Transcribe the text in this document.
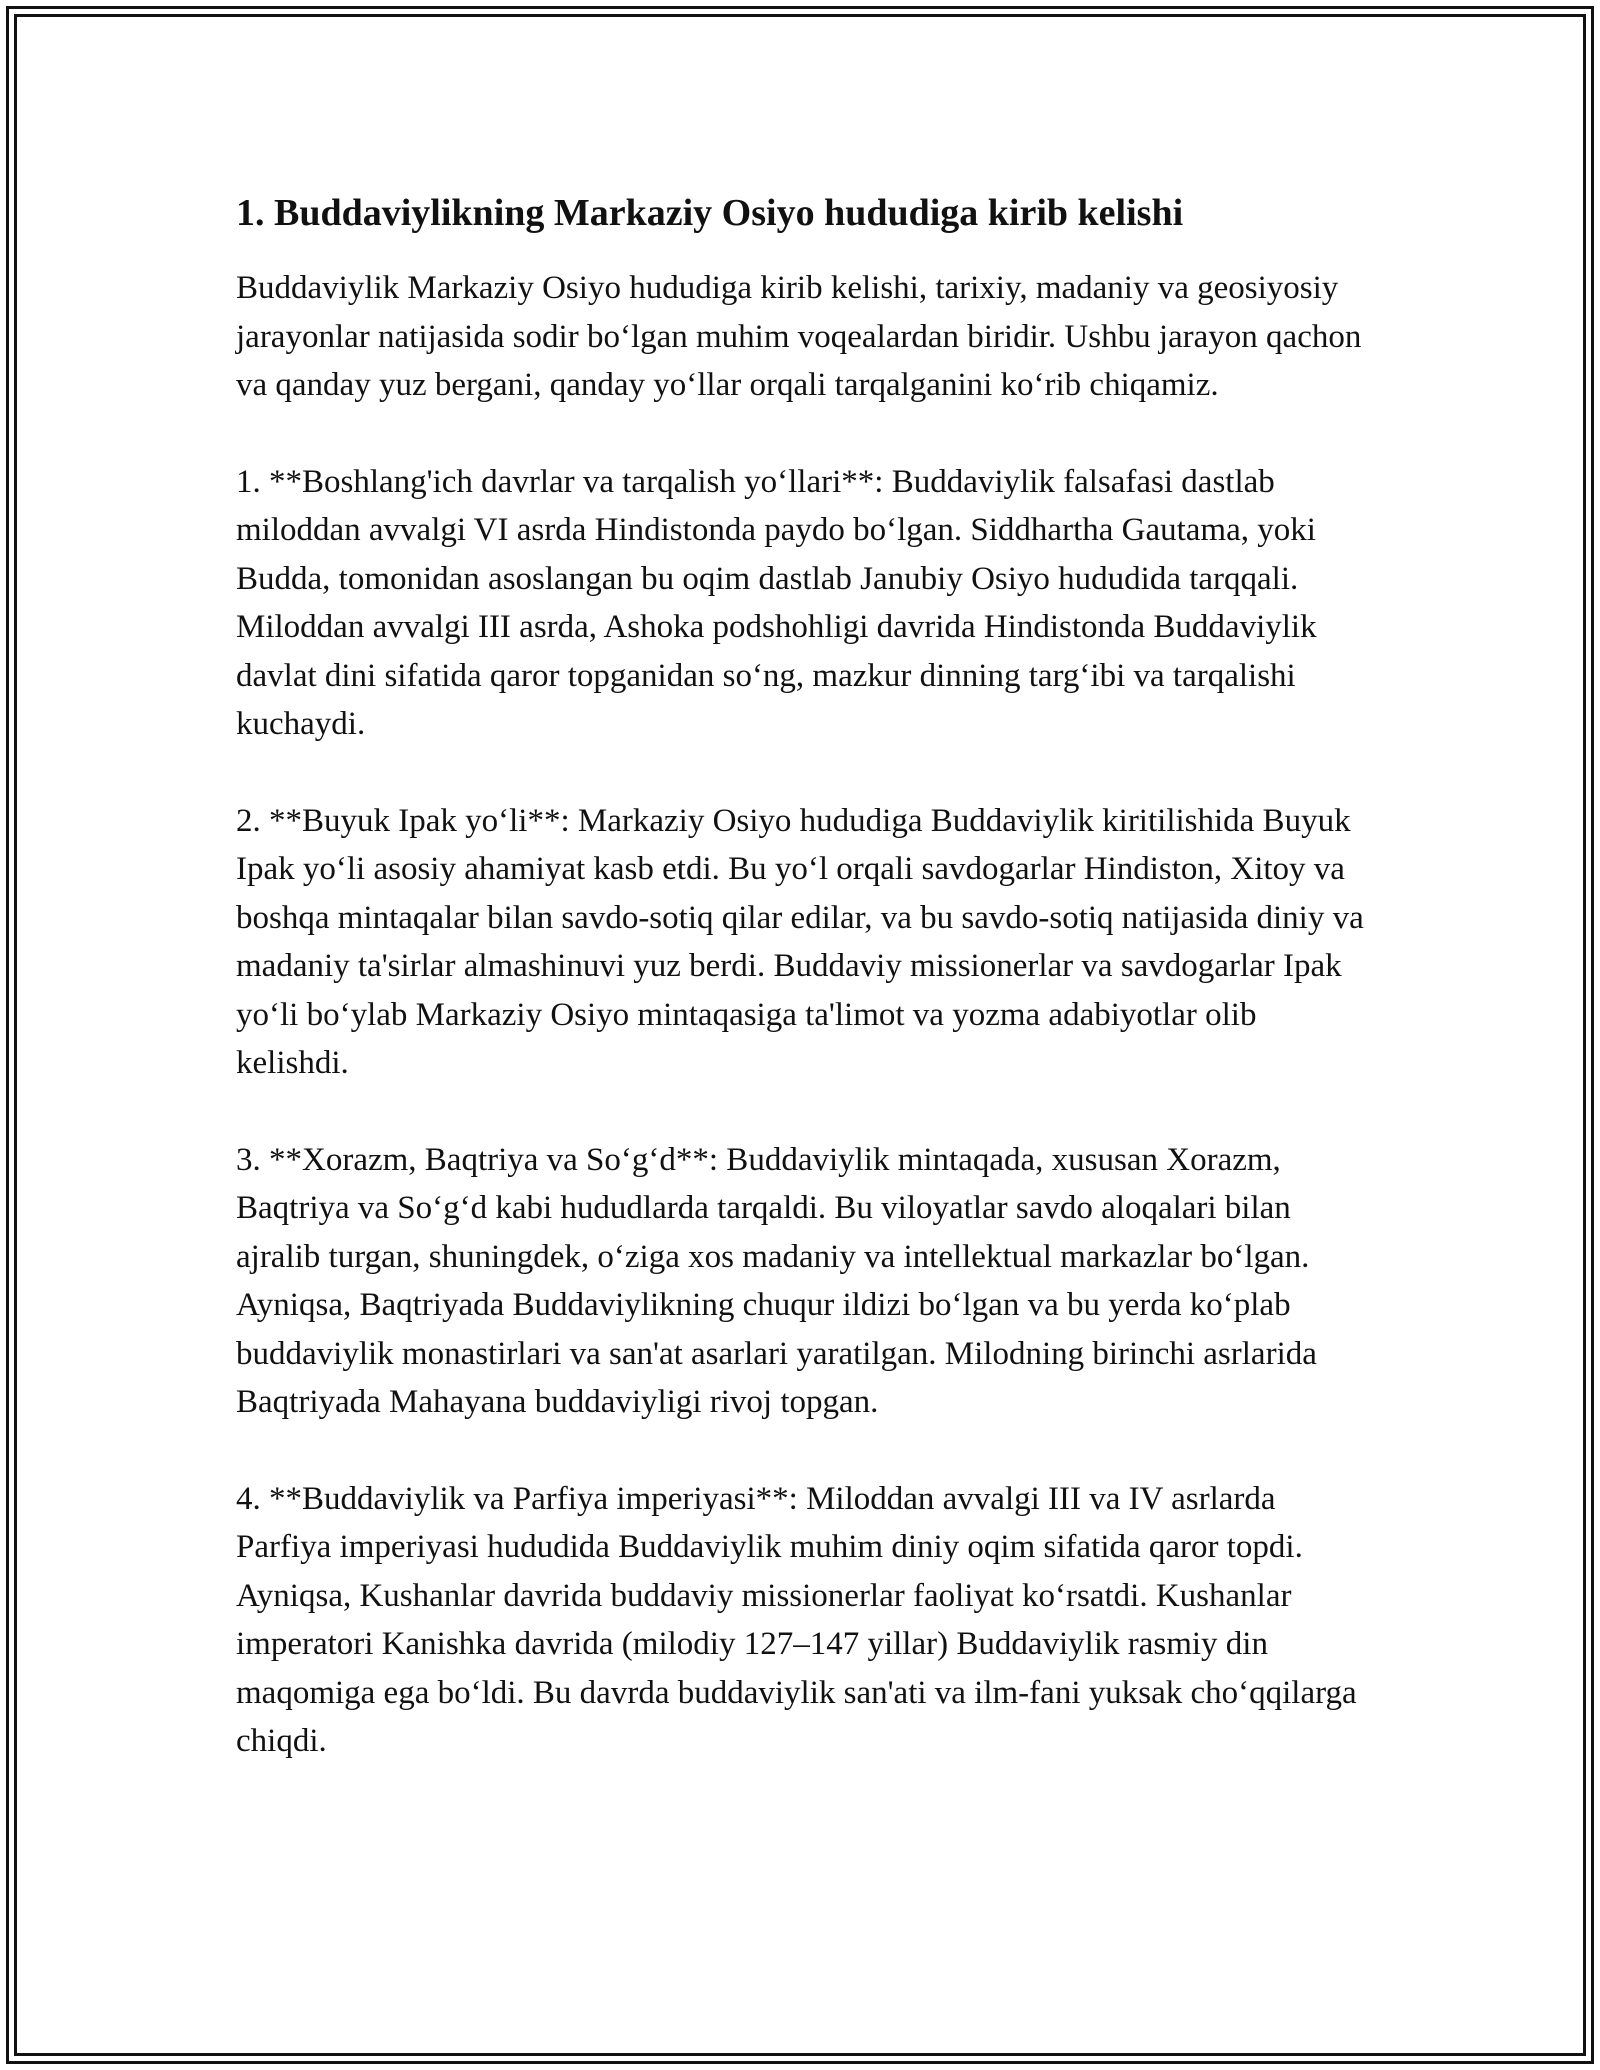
1. Buddaviylikning Markaziy Osiyo hududiga kirib kelishi

Buddaviylik Markaziy Osiyo hududiga kirib kelishi, tarixiy, madaniy va geosiyosiy jarayonlar natijasida sodir bo‘lgan muhim voqealardan biridir. Ushbu jarayon qachon va qanday yuz bergani, qanday yo‘llar orqali tarqalganini ko‘rib chiqamiz.

1. **Boshlang'ich davrlar va tarqalish yo‘llari**: Buddaviylik falsafasi dastlab miloddan avvalgi VI asrda Hindistonda paydo bo‘lgan. Siddhartha Gautama, yoki Budda, tomonidan asoslangan bu oqim dastlab Janubiy Osiyo hududida tarqqali. Miloddan avvalgi III asrda, Ashoka podshohligi davrida Hindistonda Buddaviylik davlat dini sifatida qaror topganidan so‘ng, mazkur dinning targ‘ibi va tarqalishi kuchaydi.

2. **Buyuk Ipak yo‘li**: Markaziy Osiyo hududiga Buddaviylik kiritilishida Buyuk Ipak yo‘li asosiy ahamiyat kasb etdi. Bu yo‘l orqali savdogarlar Hindiston, Xitoy va boshqa mintaqalar bilan savdo-sotiq qilar edilar, va bu savdo-sotiq natijasida diniy va madaniy ta'sirlar almashinuvi yuz berdi. Buddaviy missionerlar va savdogarlar Ipak yo‘li bo‘ylab Markaziy Osiyo mintaqasiga ta'limot va yozma adabiyotlar olib kelishdi.

3. **Xorazm, Baqtriya va So‘g‘d**: Buddaviylik mintaqada, xususan Xorazm, Baqtriya va So‘g‘d kabi hududlarda tarqaldi. Bu viloyatlar savdo aloqalari bilan ajralib turgan, shuningdek, o‘ziga xos madaniy va intellektual markazlar bo‘lgan. Ayniqsa, Baqtriyada Buddaviylikning chuqur ildizi bo‘lgan va bu yerda ko‘plab buddaviylik monastirlari va san'at asarlari yaratilgan. Milodning birinchi asrlarida Baqtriyada Mahayana buddaviyligi rivoj topgan.

4. **Buddaviylik va Parfiya imperiyasi**: Miloddan avvalgi III va IV asrlarda Parfiya imperiyasi hududida Buddaviylik muhim diniy oqim sifatida qaror topdi. Ayniqsa, Kushanlar davrida buddaviy missionerlar faoliyat ko‘rsatdi. Kushanlar imperatori Kanishka davrida (milodiy 127–147 yillar) Buddaviylik rasmiy din maqomiga ega bo‘ldi. Bu davrda buddaviylik san'ati va ilm-fani yuksak cho‘qqilarga chiqdi.
